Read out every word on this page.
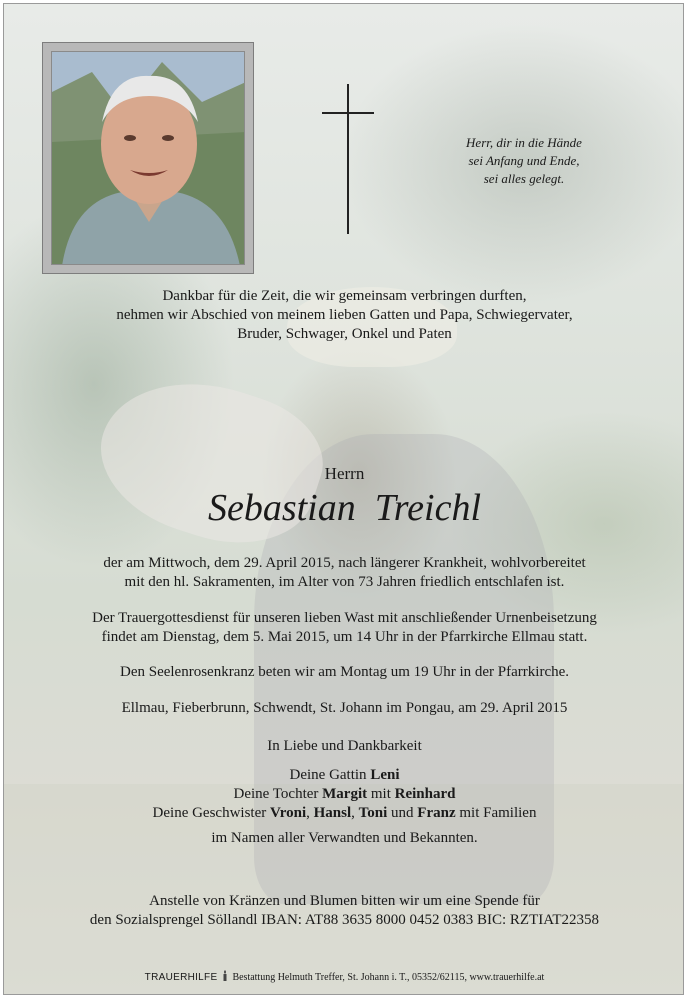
Herr, dir in die Hände
sei Anfang und Ende,
sei alles gelegt.
Dankbar für die Zeit, die wir gemeinsam verbringen durften,
nehmen wir Abschied von meinem lieben Gatten und Papa, Schwiegervater,
Bruder, Schwager, Onkel und Paten
Herrn
Sebastian  Treichl
der am Mittwoch, dem 29. April 2015, nach längerer Krankheit, wohlvorbereitet
mit den hl. Sakramenten, im Alter von 73 Jahren friedlich entschlafen ist.
Der Trauergottesdienst für unseren lieben Wast mit anschließender Urnenbeisetzung
findet am Dienstag, dem 5. Mai 2015, um 14 Uhr in der Pfarrkirche Ellmau statt.
Den Seelenrosenkranz beten wir am Montag um 19 Uhr in der Pfarrkirche.
Ellmau, Fieberbrunn, Schwendt, St. Johann im Pongau, am 29. April 2015
In Liebe und Dankbarkeit
Deine Gattin Leni
Deine Tochter Margit mit Reinhard
Deine Geschwister Vroni, Hansl, Toni und Franz mit Familien
im Namen aller Verwandten und Bekannten.
Anstelle von Kränzen und Blumen bitten wir um eine Spende für
den Sozialsprengel Söllandl IBAN: AT88 3635 8000 0452 0383 BIC: RZTIAT22358
TRAUERHILFE Bestattung Helmuth Treffer, St. Johann i. T., 05352/62115, www.trauerhilfe.at
